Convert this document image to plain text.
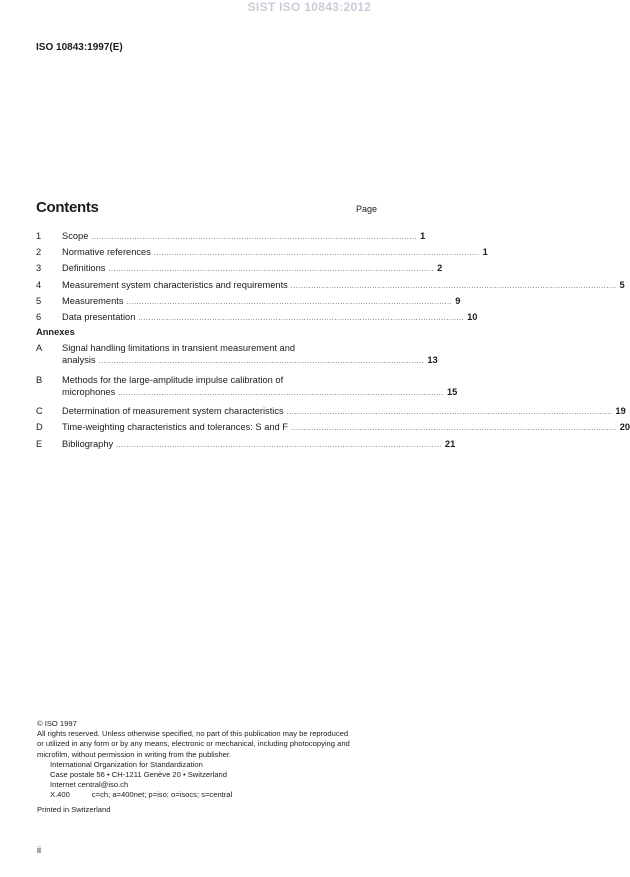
SIST ISO 10843:2012
ISO 10843:1997(E)
Contents	Page
1	Scope ................................................................................................................................ 1
2	Normative references ................................................................................................................................ 1
3	Definitions ................................................................................................................................ 2
4	Measurement system characteristics and requirements ................................................................................................................................ 5
5	Measurements ................................................................................................................................ 9
6	Data presentation ................................................................................................................................ 10
Annexes
A Signal handling limitations in transient measurement and
analysis ................................................................................................................................ 13
B Methods for the large-amplitude impulse calibration of
microphones ................................................................................................................................ 15
C	Determination of measurement system characteristics ................................................................................................................................ 19
D	Time-weighting characteristics and tolerances: S and F ................................................................................................................................ 20
E	Bibliography ................................................................................................................................ 21
© ISO 1997
All rights reserved. Unless otherwise specified, no part of this publication may be reproduced
or utilized in any form or by any means, electronic or mechanical, including photocopying and
microfilm, without permission in writing from the publisher.
International Organization for Standardization
Case postale 56 • CH-1211 Genève 20 • Switzerland
Internet central@iso.ch
X.400	c=ch; a=400net; p=iso; o=isocs; s=central
Printed in Switzerland
ii
